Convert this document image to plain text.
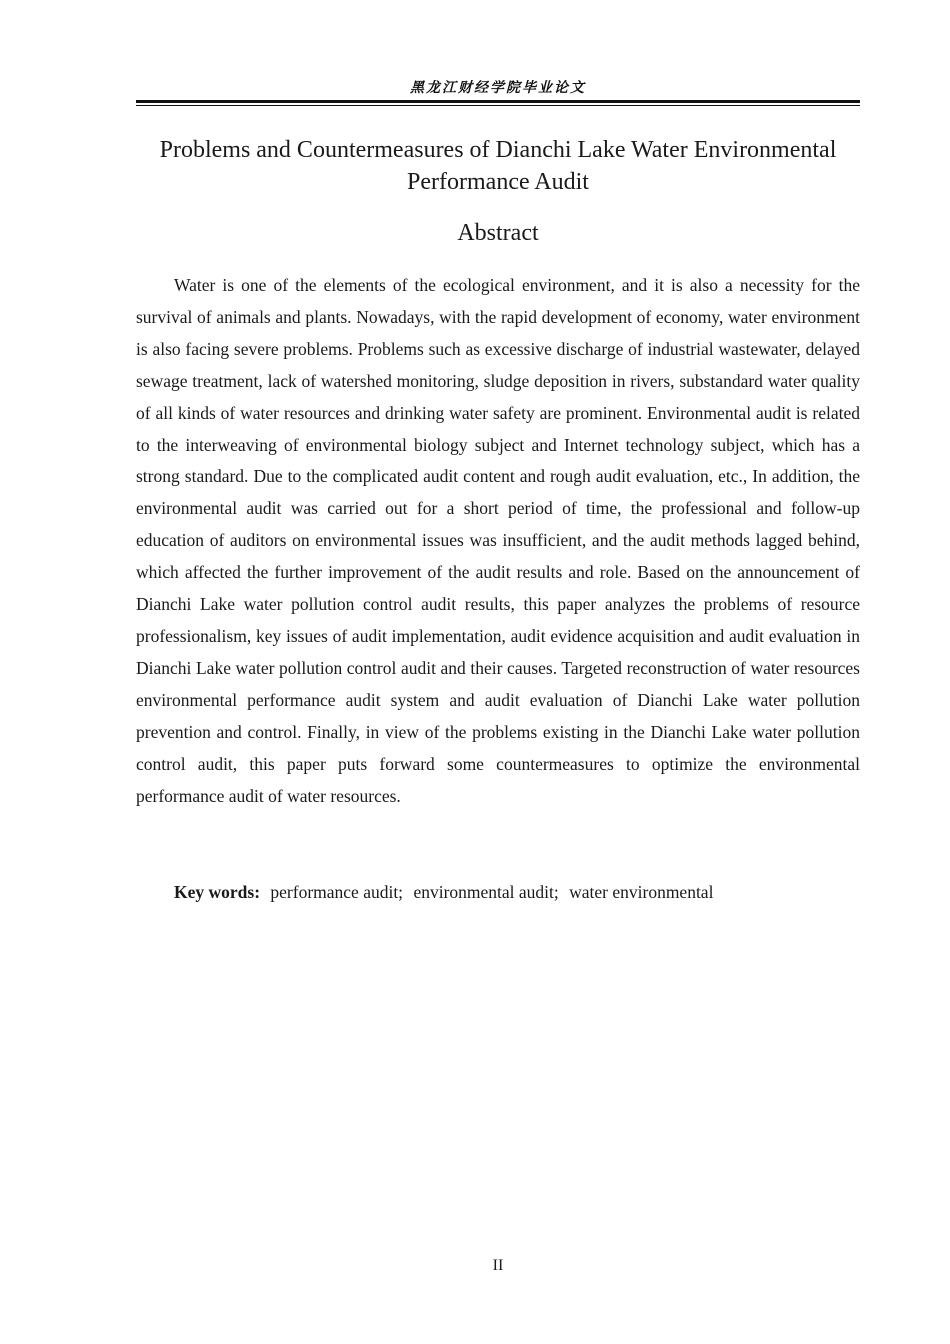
黑龙江财经学院毕业论文
Problems and Countermeasures of Dianchi Lake Water Environmental Performance Audit
Abstract

Water is one of the elements of the ecological environment, and it is also a necessity for the survival of animals and plants. Nowadays, with the rapid development of economy, water environment is also facing severe problems. Problems such as excessive discharge of industrial wastewater, delayed sewage treatment, lack of watershed monitoring, sludge deposition in rivers, substandard water quality of all kinds of water resources and drinking water safety are prominent. Environmental audit is related to the interweaving of environmental biology subject and Internet technology subject, which has a strong standard. Due to the complicated audit content and rough audit evaluation, etc., In addition, the environmental audit was carried out for a short period of time, the professional and follow-up education of auditors on environmental issues was insufficient, and the audit methods lagged behind, which affected the further improvement of the audit results and role. Based on the announcement of Dianchi Lake water pollution control audit results, this paper analyzes the problems of resource professionalism, key issues of audit implementation, audit evidence acquisition and audit evaluation in Dianchi Lake water pollution control audit and their causes. Targeted reconstruction of water resources environmental performance audit system and audit evaluation of Dianchi Lake water pollution prevention and control. Finally, in view of the problems existing in the Dianchi Lake water pollution control audit, this paper puts forward some countermeasures to optimize the environmental performance audit of water resources.

Key words: performance audit; environmental audit; water environmental

II
